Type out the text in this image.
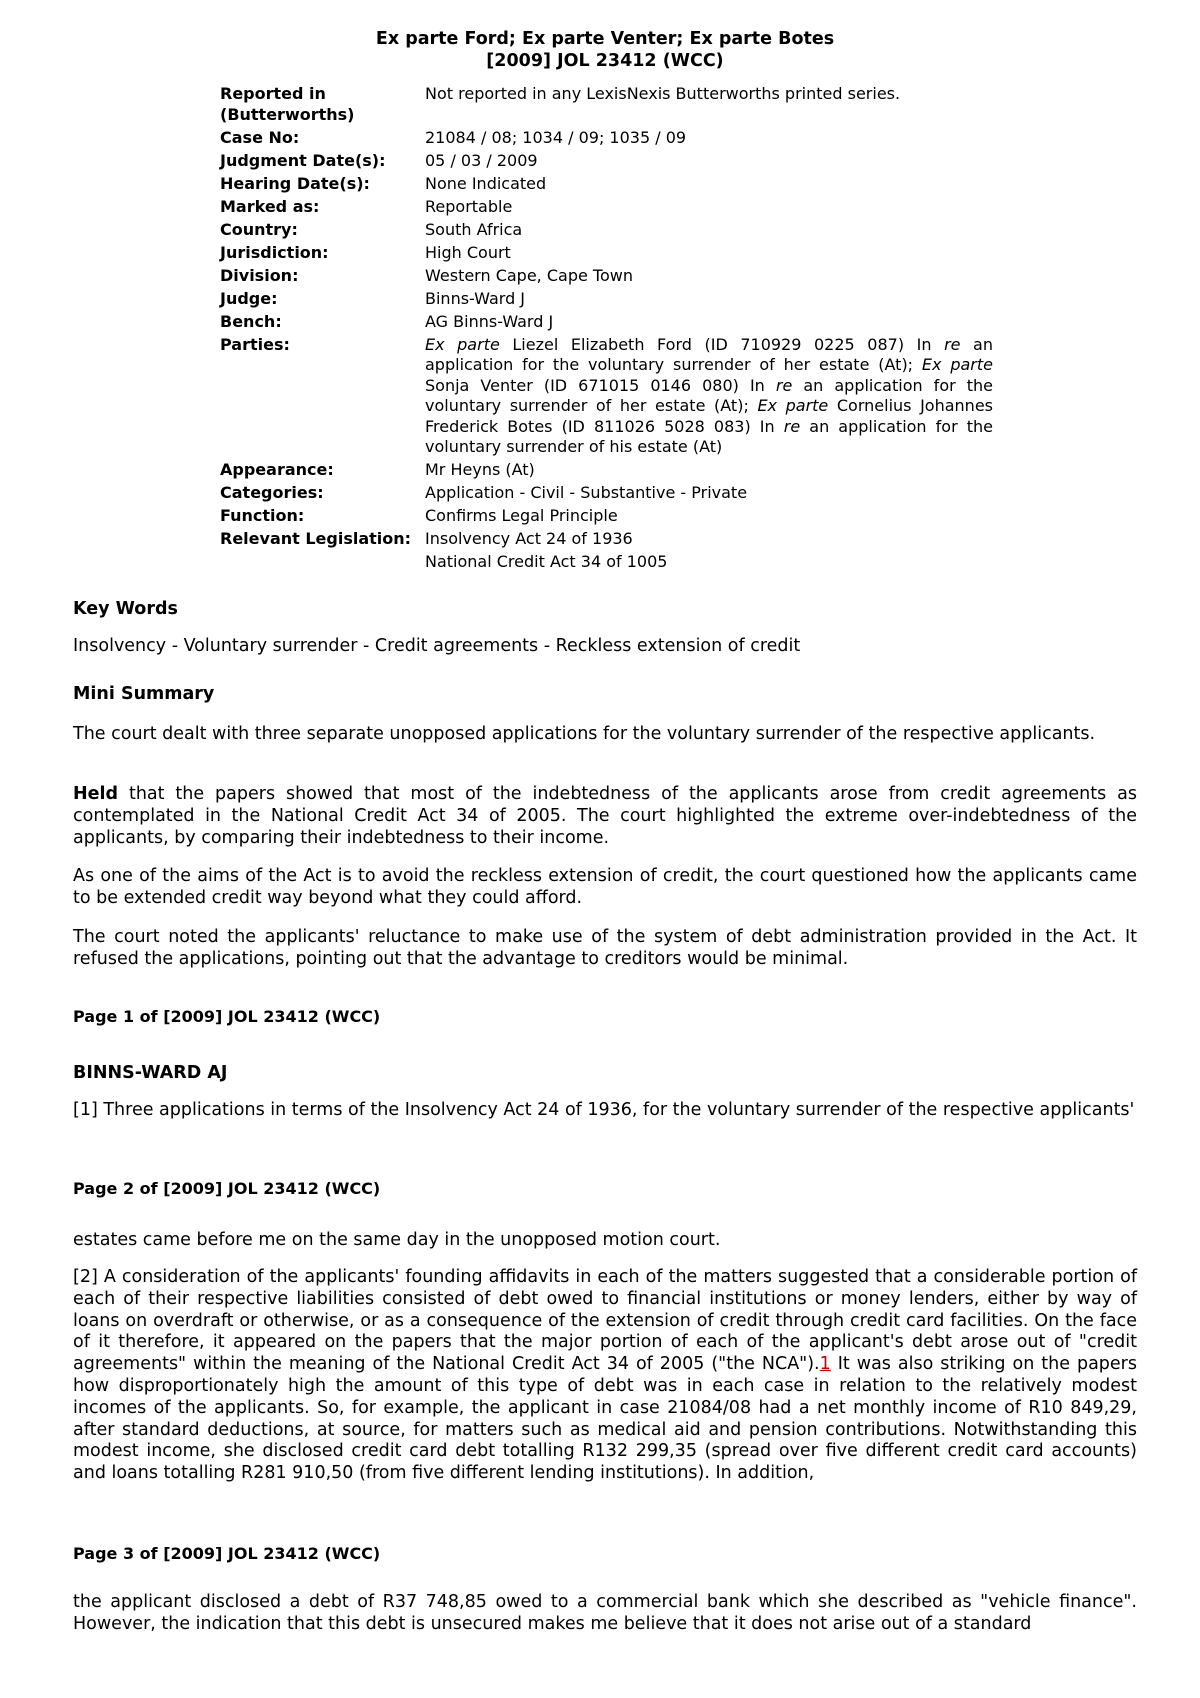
Ex parte Ford; Ex parte Venter; Ex parte Botes

[2009] JOL 23412 (WCC)

Reported in (Butterworths)	Not reported in any LexisNexis Butterworths printed series.
Case No:	21084 / 08; 1034 / 09; 1035 / 09
Judgment Date(s):	05 / 03 / 2009
Hearing Date(s):	None Indicated
Marked as:	Reportable
Country:	South Africa
Jurisdiction:	High Court
Division:	Western Cape, Cape Town
Judge:	Binns-Ward J
Bench:	AG Binns-Ward J
Parties:	Ex parte Liezel Elizabeth Ford (ID 710929 0225 087) In re an application for the voluntary surrender of her estate (At); Ex parte Sonja Venter (ID 671015 0146 080) In re an application for the voluntary surrender of her estate (At); Ex parte Cornelius Johannes Frederick Botes (ID 811026 5028 083) In re an application for the voluntary surrender of his estate (At)
Appearance:	Mr Heyns (At)
Categories:	Application - Civil - Substantive - Private
Function:	Confirms Legal Principle
Relevant Legislation:	Insolvency Act 24 of 1936
	National Credit Act 34 of 1005

Key Words

Insolvency - Voluntary surrender - Credit agreements - Reckless extension of credit

Mini Summary

The court dealt with three separate unopposed applications for the voluntary surrender of the respective applicants.

Held that the papers showed that most of the indebtedness of the applicants arose from credit agreements as contemplated in the National Credit Act 34 of 2005. The court highlighted the extreme over-indebtedness of the applicants, by comparing their indebtedness to their income.

As one of the aims of the Act is to avoid the reckless extension of credit, the court questioned how the applicants came to be extended credit way beyond what they could afford.

The court noted the applicants' reluctance to make use of the system of debt administration provided in the Act. It refused the applications, pointing out that the advantage to creditors would be minimal.

Page 1 of [2009] JOL 23412 (WCC)

BINNS-WARD AJ

[1] Three applications in terms of the Insolvency Act 24 of 1936, for the voluntary surrender of the respective applicants'

Page 2 of [2009] JOL 23412 (WCC)

estates came before me on the same day in the unopposed motion court.

[2] A consideration of the applicants' founding affidavits in each of the matters suggested that a considerable portion of each of their respective liabilities consisted of debt owed to financial institutions or money lenders, either by way of loans on overdraft or otherwise, or as a consequence of the extension of credit through credit card facilities. On the face of it therefore, it appeared on the papers that the major portion of each of the applicant's debt arose out of "credit agreements" within the meaning of the National Credit Act 34 of 2005 ("the NCA").1 It was also striking on the papers how disproportionately high the amount of this type of debt was in each case in relation to the relatively modest incomes of the applicants. So, for example, the applicant in case 21084/08 had a net monthly income of R10 849,29, after standard deductions, at source, for matters such as medical aid and pension contributions. Notwithstanding this modest income, she disclosed credit card debt totalling R132 299,35 (spread over five different credit card accounts) and loans totalling R281 910,50 (from five different lending institutions). In addition,

Page 3 of [2009] JOL 23412 (WCC)

the applicant disclosed a debt of R37 748,85 owed to a commercial bank which she described as "vehicle finance". However, the indication that this debt is unsecured makes me believe that it does not arise out of a standard
